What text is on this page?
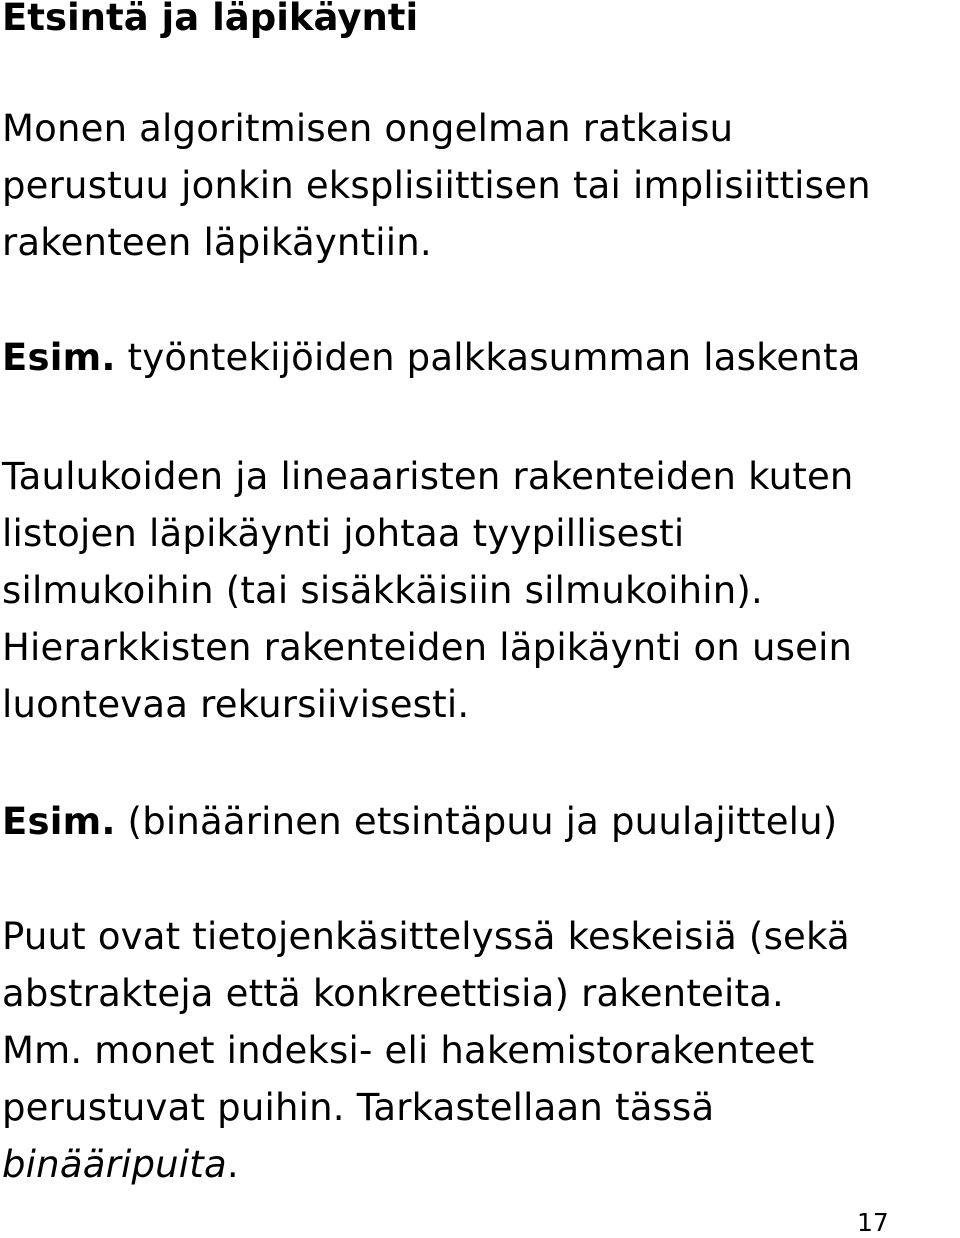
Etsintä ja läpikäynti

Monen algoritmisen ongelman ratkaisu
perustuu jonkin eksplisiittisen tai implisiittisen
rakenteen läpikäyntiin.

Esim. työntekijöiden palkkasumman laskenta

Taulukoiden ja lineaaristen rakenteiden kuten
listojen läpikäynti johtaa tyypillisesti
silmukoihin (tai sisäkkäisiin silmukoihin).
Hierarkkisten rakenteiden läpikäynti on usein
luontevaa rekursiivisesti.

Esim. (binäärinen etsintäpuu ja puulajittelu)

Puut ovat tietojenkäsittelyssä keskeisiä (sekä
abstrakteja että konkreettisia) rakenteita.
Mm. monet indeksi- eli hakemistorakenteet
perustuvat puihin. Tarkastellaan tässä
binääripuita.

17
